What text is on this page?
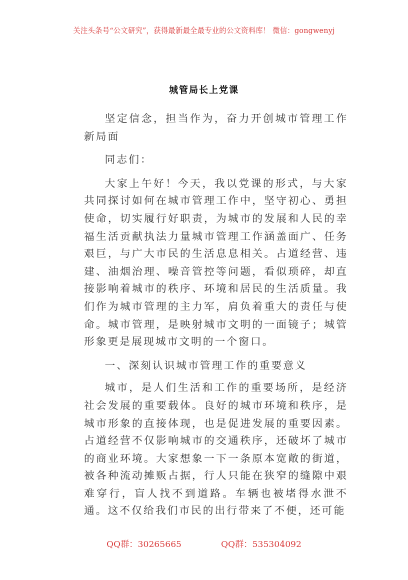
关注头条号“公文研究”，获得最新最全最专业的公文资料库！ 微信：gongwenyj
城管局长上党课

坚定信念，担当作为，奋力开创城市管理工作新局面

同志们：

大家上午好！今天，我以党课的形式，与大家共同探讨如何在城市管理工作中，坚守初心、勇担使命，切实履行好职责，为城市的发展和人民的幸福生活贡献执法力量城市管理工作涵盖面广、任务艰巨，与广大市民的生活息息相关。占道经营、违建、油烟治理、噪音管控等问题，看似琐碎，却直接影响着城市的秩序、环境和居民的生活质量。我们作为城市管理的主力军，肩负着重大的责任与使命。城市管理，是映射城市文明的一面镜子；城管形象更是展现城市文明的一个窗口。

一、深刻认识城市管理工作的重要意义

城市，是人们生活和工作的重要场所，是经济社会发展的重要载体。良好的城市环境和秩序，是城市形象的直接体现，也是促进发展的重要因素。占道经营不仅影响城市的交通秩序，还破坏了城市的商业环境。大家想象一下一条原本宽敞的街道，被各种流动摊贩占据，行人只能在狭窄的缝隙中艰难穿行，盲人找不到道路。车辆也被堵得水泄不通。这不仅给我们市民的出行带来了不便，还可能

QQ群：30265665	QQ群：535304092
